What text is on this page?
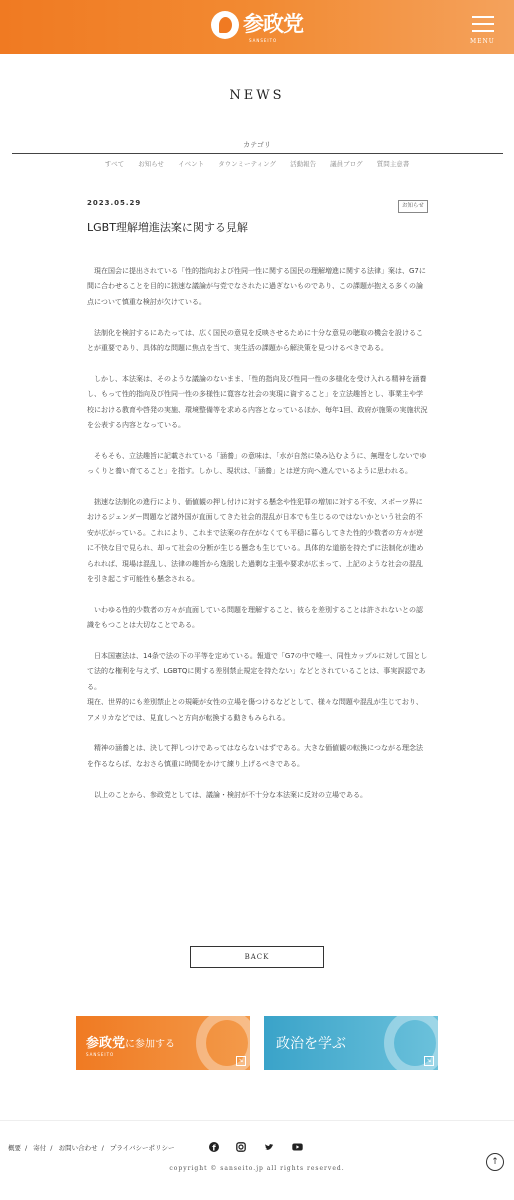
参政党
SANSEITO	MENU
NEWS
カテゴリ
すべて お知らせ イベント タウンミーティング 活動報告 議員ブログ 質問主意書
2023.05.29	お知らせ
LGBT理解増進法案に関する見解

現在国会に提出されている「性的指向および性同一性に関する国民の理解増進に関する法律」案は、G7に間に合わせることを目的に拙速な議論が与党でなされたに過ぎないものであり、この課題が抱える多くの論点について慎重な検討が欠けている。

法制化を検討するにあたっては、広く国民の意見を反映させるために十分な意見の聴取の機会を設けることが重要であり、具体的な問題に焦点を当て、実生活の課題から解決策を見つけるべきである。

しかし、本法案は、そのような議論のないまま、「性的指向及び性同一性の多様化を受け入れる精神を涵養し、もって性的指向及び性同一性の多様性に寛容な社会の実現に資すること」を立法趣旨とし、事業主や学校における教育や啓発の実施、環境整備等を求める内容となっているほか、毎年1回、政府が施策の実施状況を公表する内容となっている。

そもそも、立法趣旨に記載されている「涵養」の意味は、「水が自然に染み込むように、無理をしないでゆっくりと養い育てること」を指す。しかし、現状は、「涵養」とは逆方向へ進んでいるように思われる。

拙速な法制化の進行により、価値観の押し付けに対する懸念や性犯罪の増加に対する不安、スポーツ界におけるジェンダー問題など諸外国が直面してきた社会的混乱が日本でも生じるのではないかという社会的不安が広がっている。これにより、これまで法案の存在がなくても平穏に暮らしてきた性的少数者の方々が逆に不快な目で見られ、却って社会の分断が生じる懸念も生じている。具体的な道筋を持たずに法制化が進められれば、現場は混乱し、法律の趣旨から逸脱した過剰な主張や要求が広まって、上記のような社会の混乱を引き起こす可能性も懸念される。

いわゆる性的少数者の方々が直面している問題を理解すること、彼らを差別することは許されないとの認識をもつことは大切なことである。

日本国憲法は、14条で法の下の平等を定めている。報道で「G7の中で唯一、同性カップルに対して国として法的な権利を与えず、LGBTQに関する差別禁止規定を持たない」などとされていることは、事実誤認である。

現在、世界的にも差別禁止との規範が女性の立場を傷つけるなどとして、様々な問題や混乱が生じており、アメリカなどでは、見直しへと方向が転換する動きもみられる。

精神の涵養とは、決して押しつけであってはならないはずである。大きな価値観の転換につながる理念法を作るならば、なおさら慎重に時間をかけて練り上げるべきである。

以上のことから、参政党としては、議論・検討が不十分な本法案に反対の立場である。

BACK
参政党に参加する
SANSEITO
↘
政治を学ぶ
↘
概要 / 寄付 / お問い合わせ / プライバシーポリシー	f
copyright © sanseito.jp all rights reserved.
↑
